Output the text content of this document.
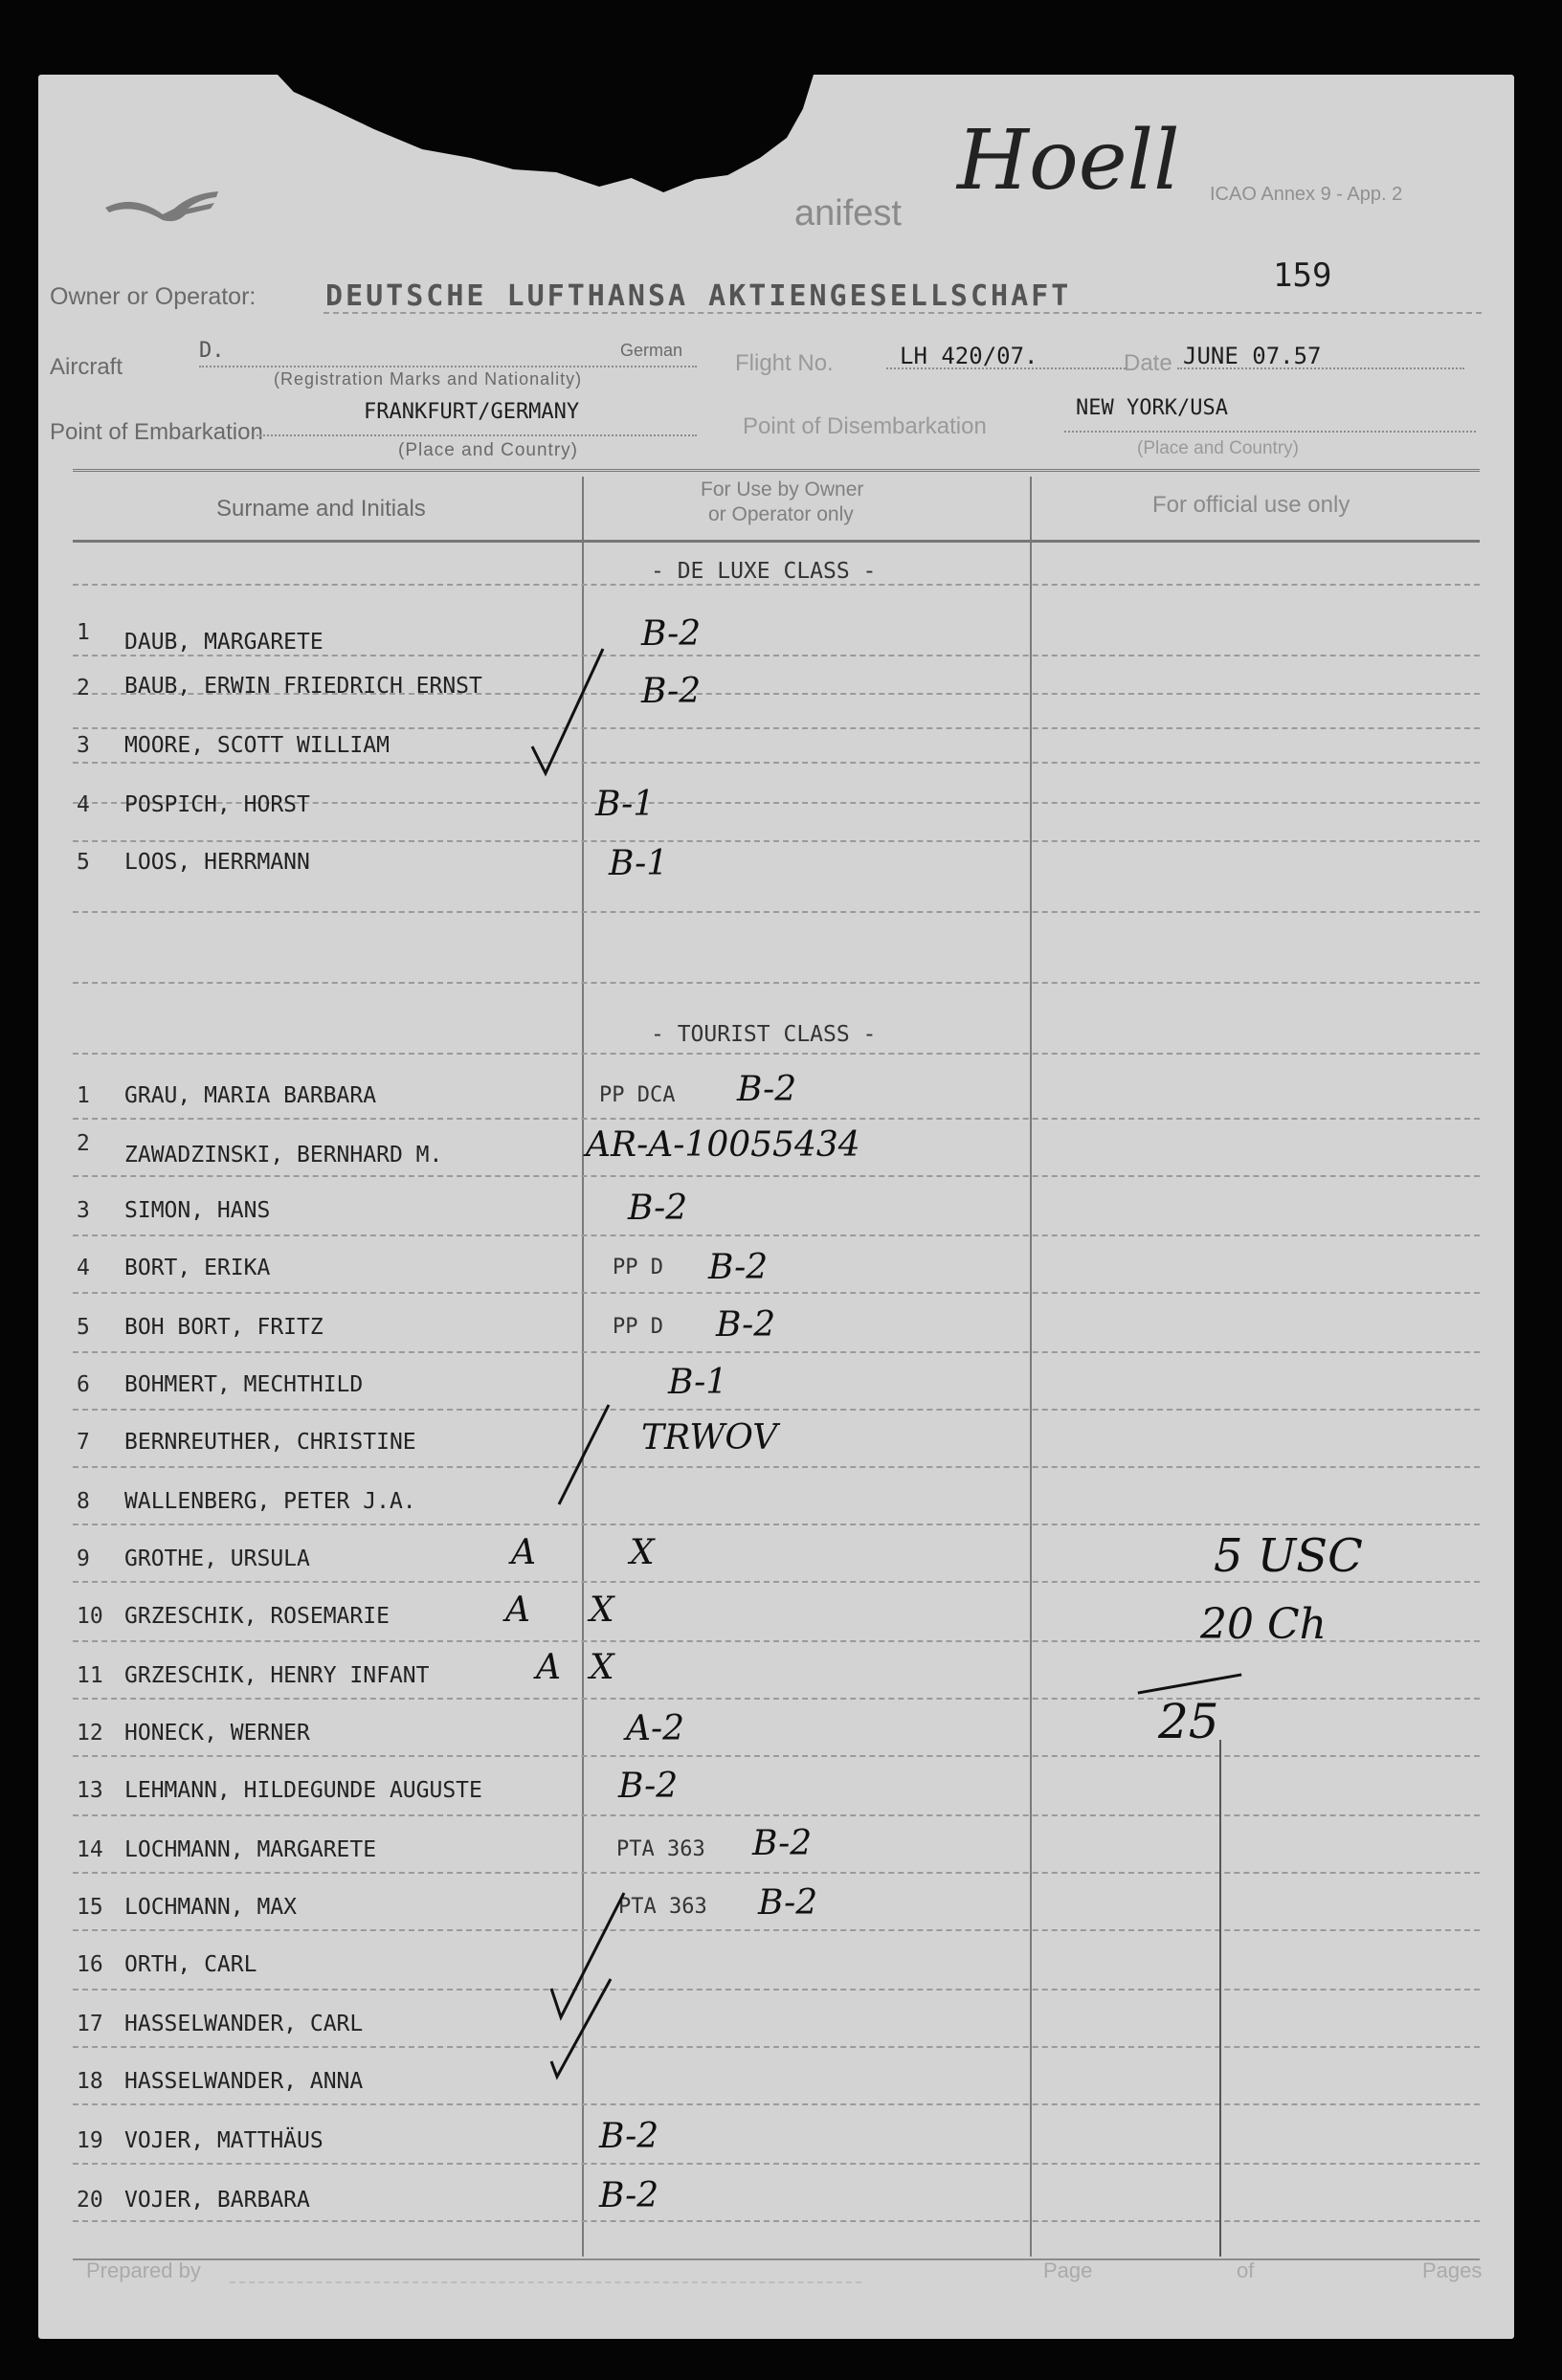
ICAO Annex 9 - App. 2
anifest
Hoell
159
Owner or Operator: DEUTSCHE LUFTHANSA AKTIENGESELLSCHAFT
Aircraft
D.	German
(Registration Marks and Nationality)
Flight No.	LH 420/07.	Date JUNE 07.57
Point of Embarkation
FRANKFURT/GERMANY
(Place and Country)
Point of Disembarkation
NEW YORK/USA
(Place and Country)
Surname and Initials
For Use by Owner
or Operator only	For official use only
- DE LUXE CLASS -
- TOURIST CLASS -
1	DAUB, MARGARETE	B-2
2	BAUB, ERWIN FRIEDRICH ERNST	B-2
3	MOORE, SCOTT WILLIAM
4	POSPICH, HORST	B-1
5	LOOS, HERRMANN	B-1
1	GRAU, MARIA BARBARA	PP DCA B-2
2	ZAWADZINSKI, BERNHARD M.	AR-A-10055434
3	SIMON, HANS	B-2
4	BORT, ERIKA	PP D B-2
5	BOH BORT, FRITZ	PP D B-2
6	BOHMERT, MECHTHILD	B-1
7	BERNREUTHER, CHRISTINE	TRWOV
8	WALLENBERG, PETER J.A.
9	GROTHE, URSULA	A	X
10 GRZESCHIK, ROSEMARIE	A X
11 GRZESCHIK, HENRY INFANT	A X
12 HONECK, WERNER	A-2
13 LEHMANN, HILDEGUNDE AUGUSTE	B-2
14 LOCHMANN, MARGARETE	PTA 363 B-2
15 LOCHMANN, MAX	PTA 363 B-2
16 ORTH, CARL
17 HASSELWANDER, CARL
18 HASSELWANDER, ANNA
19 VOJER, MATTHÄUS	B-2
20 VOJER, BARBARA	B-2
5 USC
20 Ch
25
Prepared by	Page	of	Pages
